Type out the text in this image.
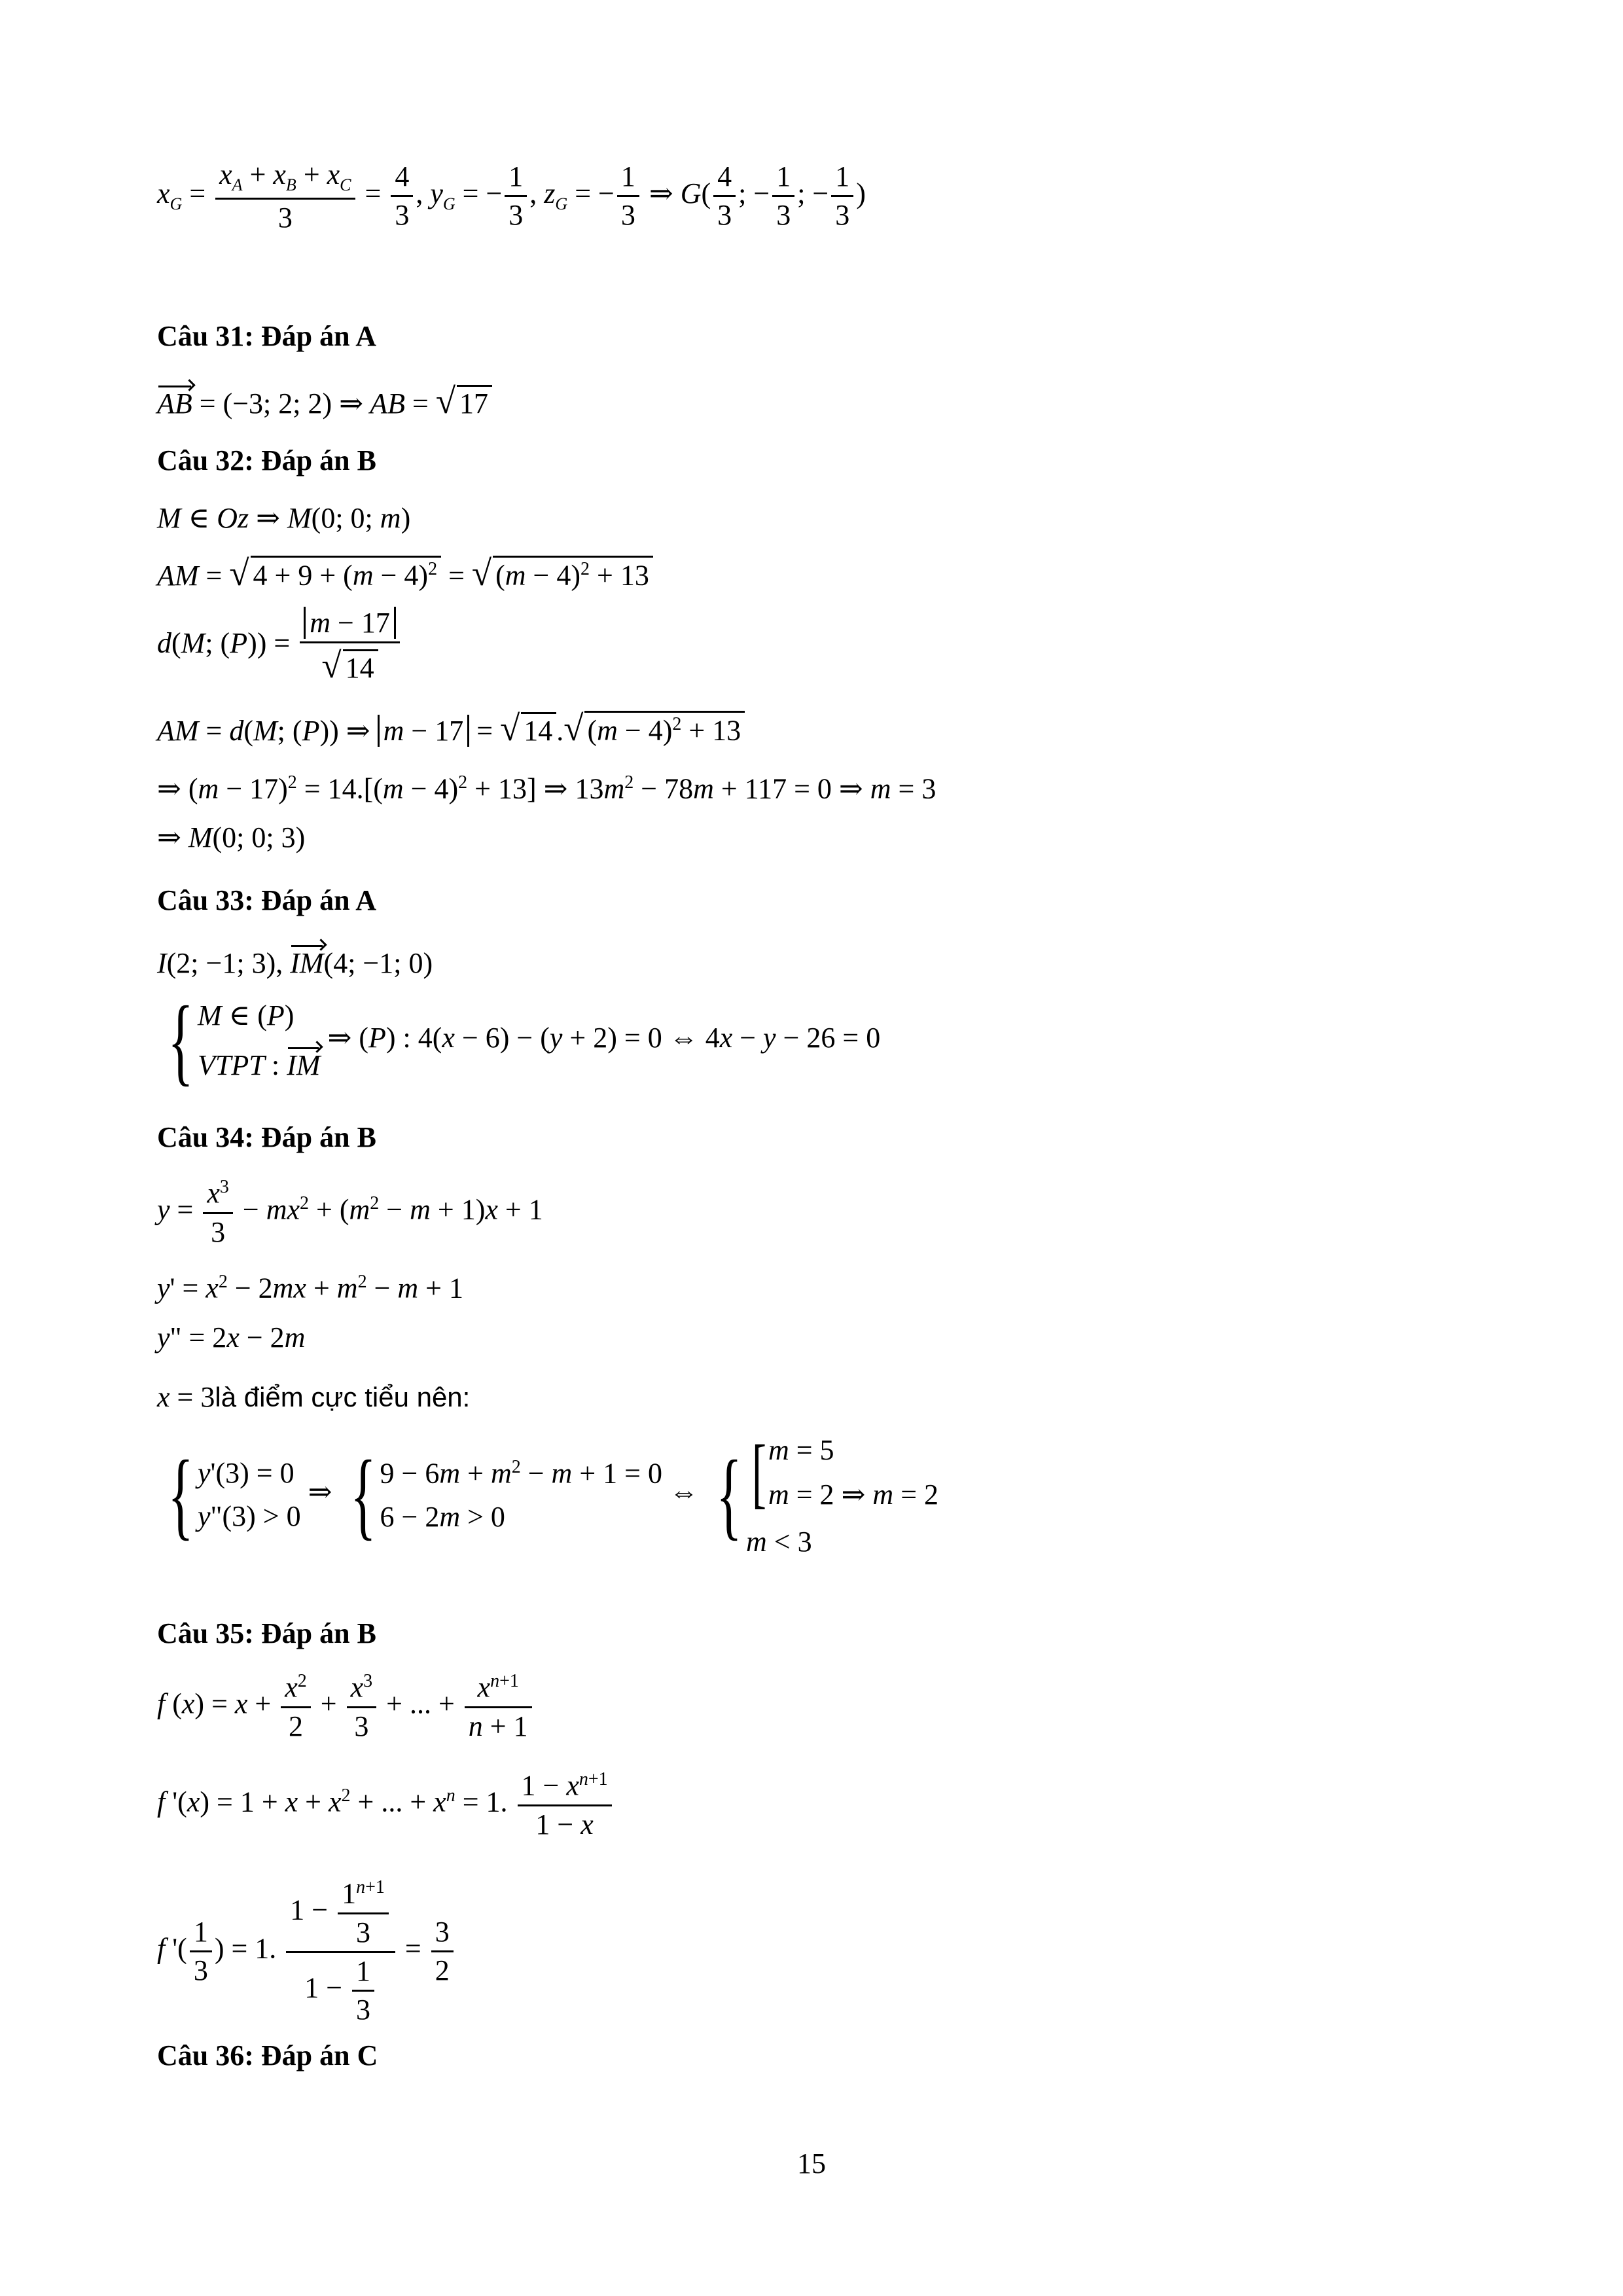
$x_G = \frac{x_A + x_B + x_C}{3} = \frac{4}{3}$ , $y_G$ = − $\frac{1}{3}$ , $z_G$ = − $\frac{1}{3}$ ⇒ $G( \frac{4}{3}$ ; − $\frac{1}{3}$ ; − $\frac{1}{3}$ )
Câu 31: Đáp án A
AB = (−3; 2; 2) ⇒ AB = √ 17
Câu 32: Đáp án B
M ∈ Oz ⇒ M(0; 0; m)
AM = √ $4 + 9 + (m - 4)^2$ = √ $(m - 4)^2 + 13$
d(M; $(P)) = \frac{m - 17}{√ 14}$
AM = d(M; (P)) ⇒ m − 17 = √ 14 .√ $(m - 4)^2 + 13$
⇒ $(m - 17)^2 = 14.[(m - 4)^2 + 13]$ ⇒ $13m^2 - 78m + 117 = 0$ ⇒ m = 3
⇒ M(0; 0; 3)
Câu 33: Đáp án A
I(2; −1; 3), IM(4; −1; 0)
{ M ∈ (P)
VTPT : IM
⇒ (P) : 4(x − 6) − (y + 2) = 0 ⇔ 4x − y − 26 = 0
Câu 34: Đáp án B
$y = \frac{x^3}{3} - mx^2 + (m^2 - m + 1)x + 1$
$y' = x^2 - 2mx + m^2 - m + 1$
y" = 2x − 2m
x = 3là điểm cực tiểu nên:
{ y'(3) = 0
y"(3) > 0
⇒ { $9 - 6m + m^2 - m + 1 = 0$
6 − 2m > 0
⇔ { [ m = 5
m = 2 ⇒ m = 2
m < 3
Câu 35: Đáp án B
f $(x) = x + \frac{x^2}{2} + \frac{x^3}{3}$ + ... + $\frac{x^{n+1}}{n + 1}$
f '$(x) = 1 + x + x^2$ + ... + $x^n = 1$. $\frac{1 - x^{n+1}}{1 - x}$
f '( $\frac{1}{3}$ ) = 1. $\frac{1 - \frac{1^{n+1}}{3}}{1 - \frac{1}{3}} = \frac{3}{2}$
Câu 36: Đáp án C
15
